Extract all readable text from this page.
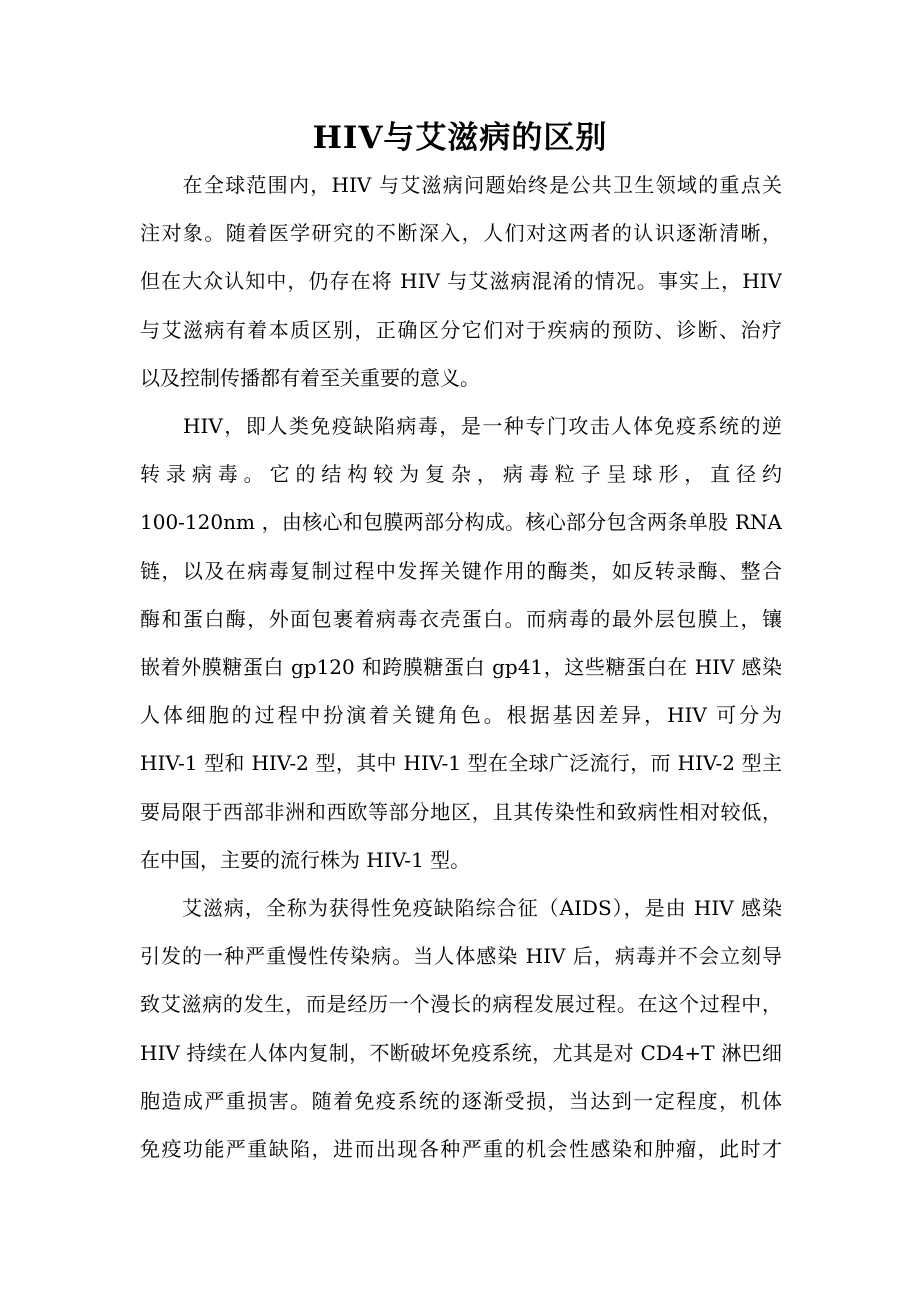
HIV与艾滋病的区别
　　在全球范围内，HIV 与艾滋病问题始终是公共卫生领域的重点关
注对象。随着医学研究的不断深入，人们对这两者的认识逐渐清晰，
但在大众认知中，仍存在将 HIV 与艾滋病混淆的情况。事实上，HIV
与艾滋病有着本质区别，正确区分它们对于疾病的预防、诊断、治疗
以及控制传播都有着至关重要的意义。
　　HIV，即人类免疫缺陷病毒，是一种专门攻击人体免疫系统的逆
转录病毒。它的结构较为复杂，病毒粒子呈球形，直径约
100-120nm ，由核心和包膜两部分构成。核心部分包含两条单股 RNA
链，以及在病毒复制过程中发挥关键作用的酶类，如反转录酶、整合
酶和蛋白酶，外面包裹着病毒衣壳蛋白。而病毒的最外层包膜上，镶
嵌着外膜糖蛋白 gp120 和跨膜糖蛋白 gp41，这些糖蛋白在 HIV 感染
人体细胞的过程中扮演着关键角色。根据基因差异，HIV 可分为
HIV-1 型和 HIV-2 型，其中 HIV-1 型在全球广泛流行，而 HIV-2 型主
要局限于西部非洲和西欧等部分地区，且其传染性和致病性相对较低，
在中国，主要的流行株为 HIV-1 型。
　　艾滋病，全称为获得性免疫缺陷综合征（AIDS），是由 HIV 感染
引发的一种严重慢性传染病。当人体感染 HIV 后，病毒并不会立刻导
致艾滋病的发生，而是经历一个漫长的病程发展过程。在这个过程中，
HIV 持续在人体内复制，不断破坏免疫系统，尤其是对 CD4+T 淋巴细
胞造成严重损害。随着免疫系统的逐渐受损，当达到一定程度，机体
免疫功能严重缺陷，进而出现各种严重的机会性感染和肿瘤，此时才
